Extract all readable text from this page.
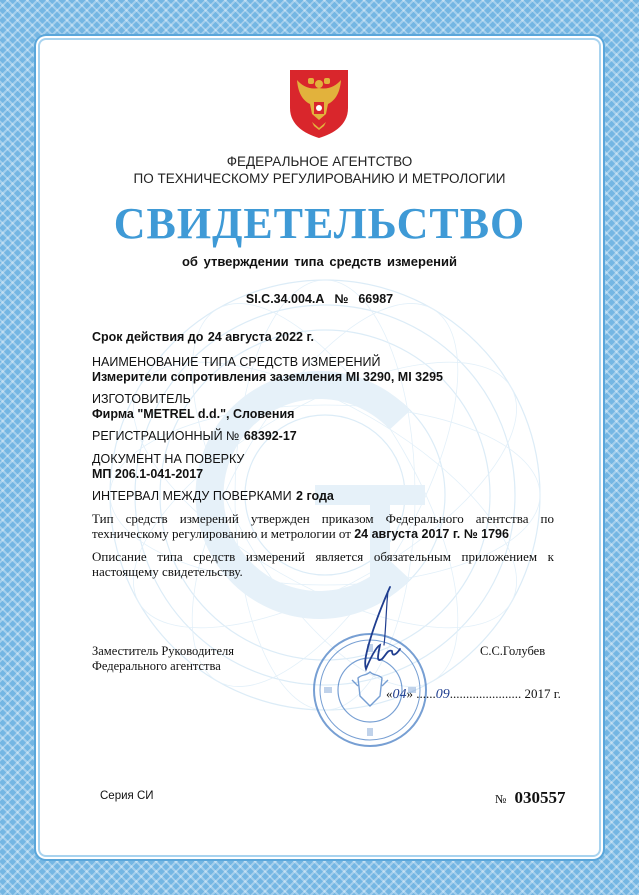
ФЕДЕРАЛЬНОЕ АГЕНТСТВО
ПО ТЕХНИЧЕСКОМУ РЕГУЛИРОВАНИЮ И МЕТРОЛОГИИ
СВИДЕТЕЛЬСТВО
об утверждении типа средств измерений
SI.C.34.004.A № 66987
Срок действия до 24 августа 2022 г.
НАИМЕНОВАНИЕ ТИПА СРЕДСТВ ИЗМЕРЕНИЙ
Измерители сопротивления заземления MI 3290, MI 3295
ИЗГОТОВИТЕЛЬ
Фирма "METREL d.d.", Словения
РЕГИСТРАЦИОННЫЙ № 68392-17
ДОКУМЕНТ НА ПОВЕРКУ
МП 206.1-041-2017
ИНТЕРВАЛ МЕЖДУ ПОВЕРКАМИ 2 года
Тип средств измерений утвержден приказом Федерального агентства по техническому регулированию и метрологии от 24 августа 2017 г. № 1796
Описание типа средств измерений является обязательным приложением к настоящему свидетельству.
Заместитель Руководителя
Федерального агентства
С.С.Голубев
«04» ......09...................... 2017 г.
Серия СИ	№ 030557
